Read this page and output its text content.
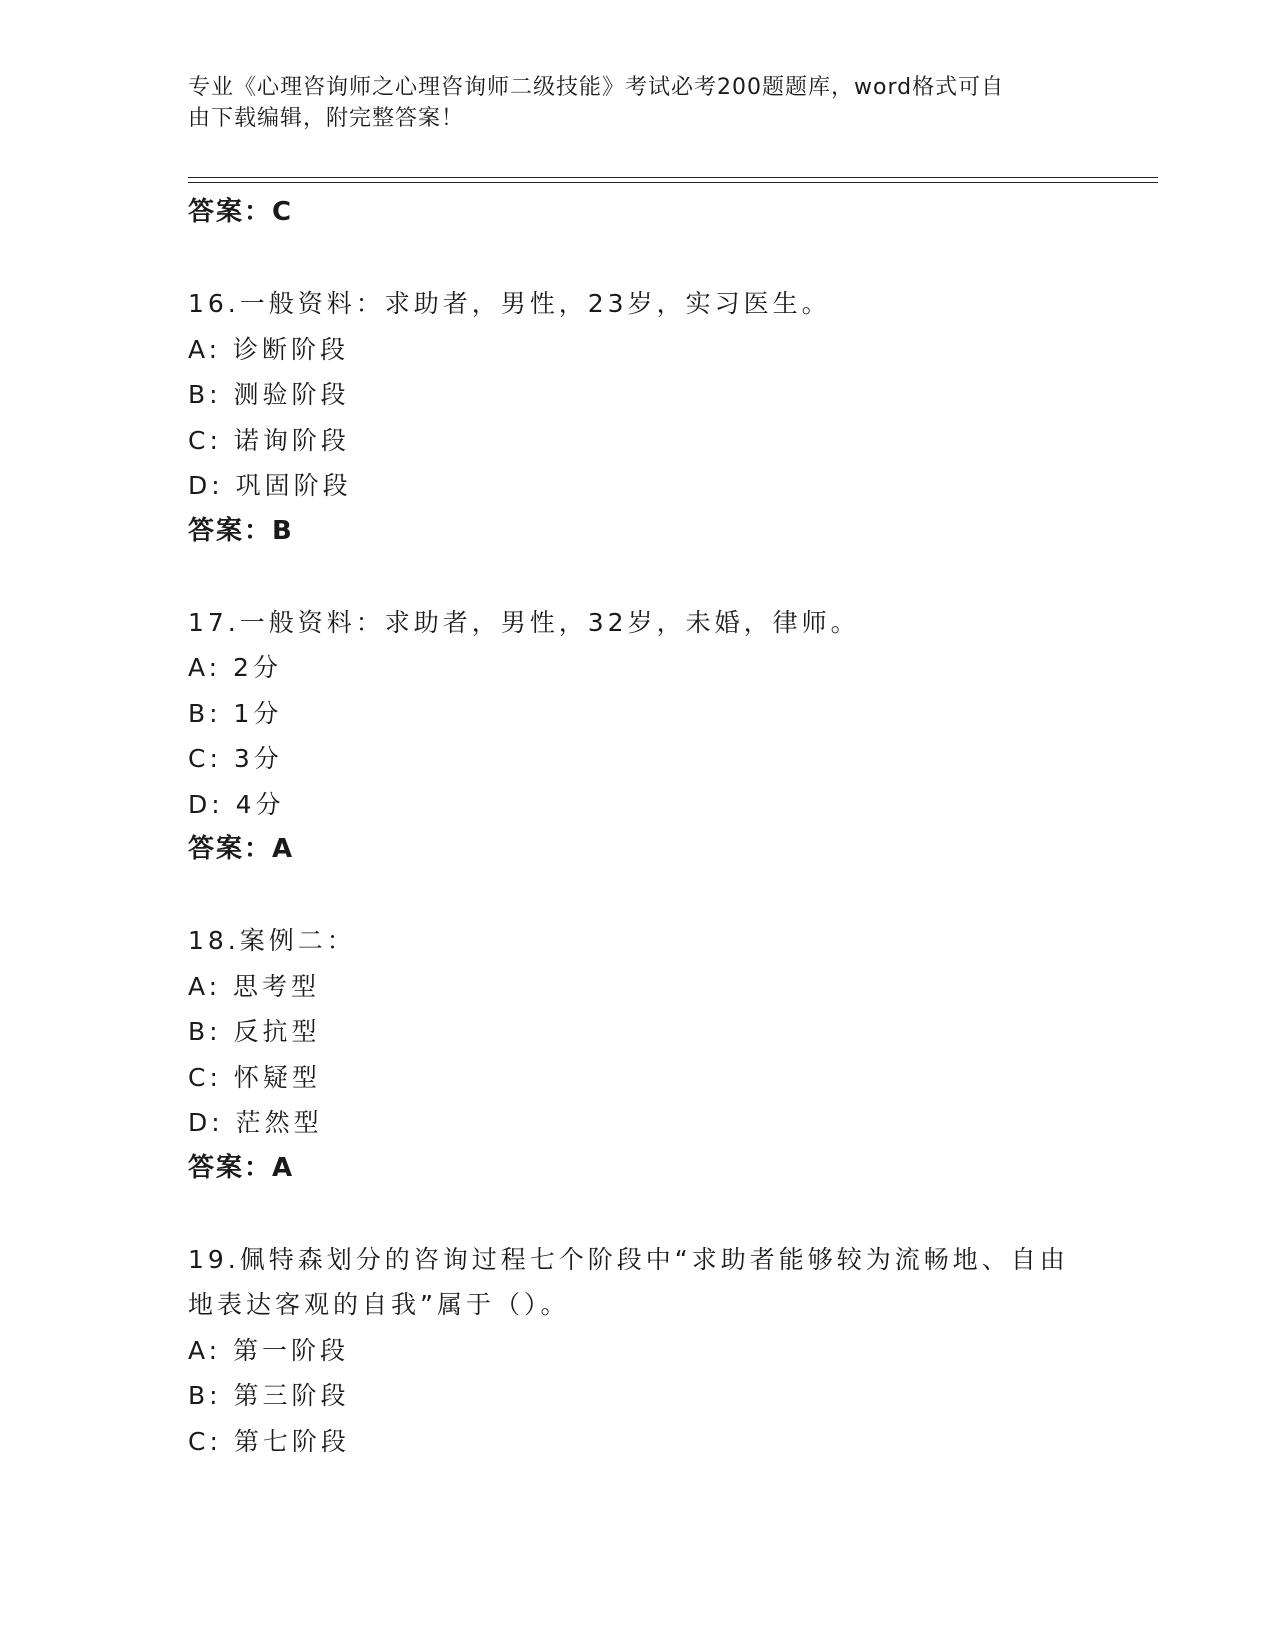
专业《心理咨询师之心理咨询师二级技能》考试必考200题题库，word格式可自
由下载编辑，附完整答案！
答案：C
16.一般资料：求助者，男性，23岁，实习医生。
A: 诊断阶段
B: 测验阶段
C: 诺询阶段
D: 巩固阶段
答案：B
17.一般资料：求助者，男性，32岁，未婚，律师。
A: 2分
B: 1分
C: 3分
D: 4分
答案：A
18.案例二：
A: 思考型
B: 反抗型
C: 怀疑型
D: 茫然型
答案：A
19.佩特森划分的咨询过程七个阶段中“求助者能够较为流畅地、自由
地表达客观的自我”属于（）。
A: 第一阶段
B: 第三阶段
C: 第七阶段
